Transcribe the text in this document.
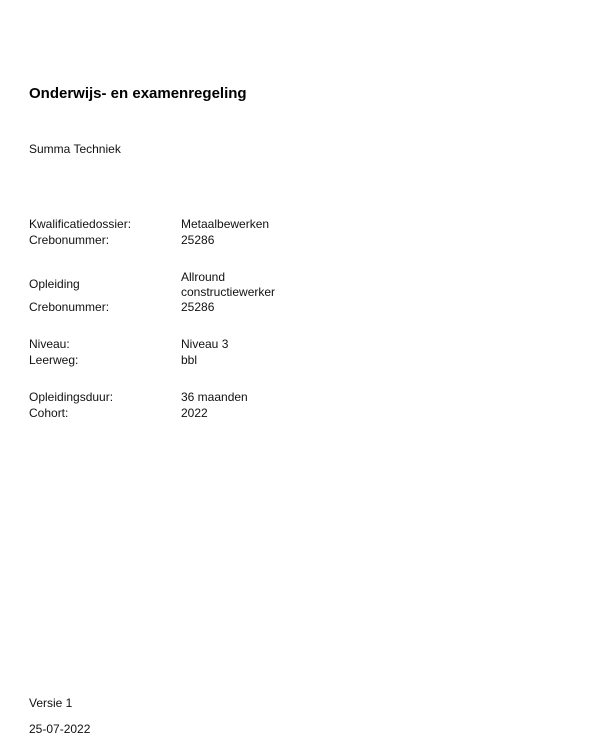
Onderwijs- en examenregeling
Summa Techniek
Kwalificatiedossier:	Metaalbewerken
Crebonummer:	25286
Opleiding	Allround constructiewerker
Crebonummer:	25286
Niveau:	Niveau 3
Leerweg:	bbl
Opleidingsduur:	36 maanden
Cohort:	2022
Versie 1
25-07-2022
